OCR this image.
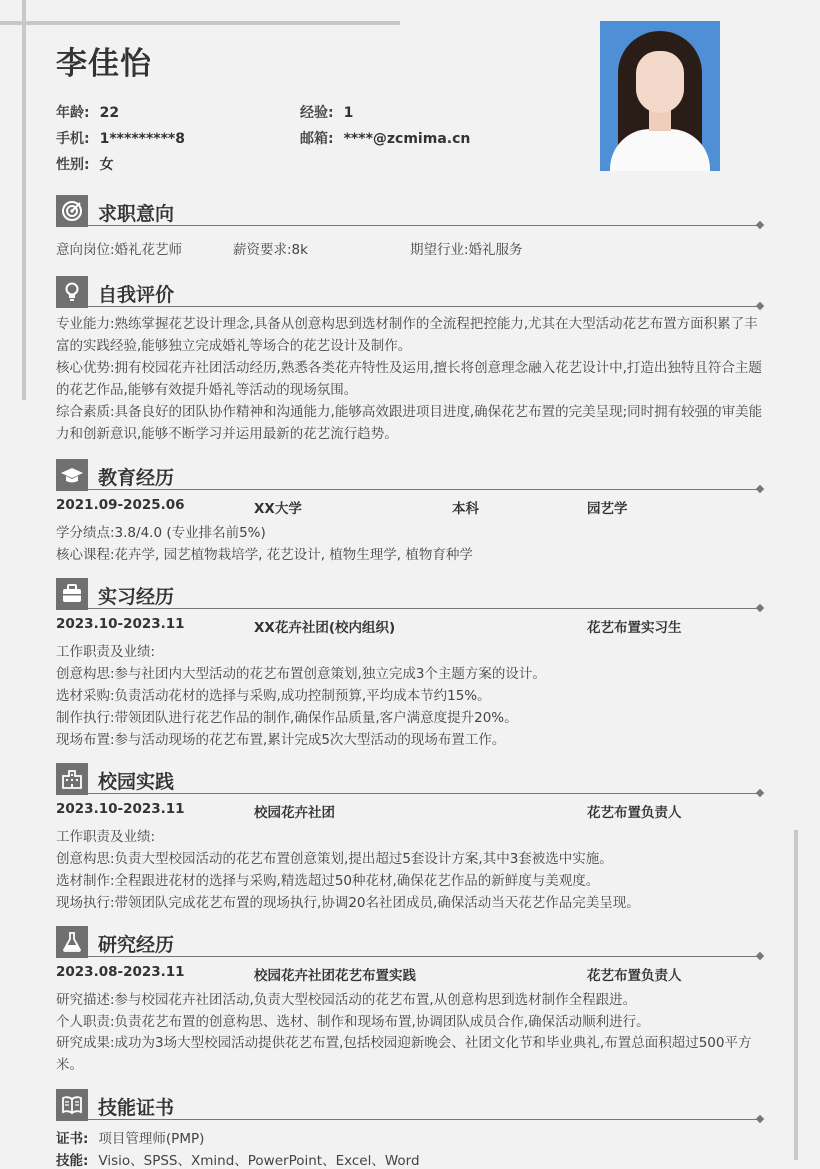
李佳怡
年龄: 22	经验: 1
手机: 1*********8	邮箱: ****@zcmima.cn
性别: 女
求职意向
意向岗位:婚礼花艺师	薪资要求:8k	期望行业:婚礼服务
自我评价
专业能力:熟练掌握花艺设计理念,具备从创意构思到选材制作的全流程把控能力,尤其在大型活动花艺布置方面积累了丰富的实践经验,能够独立完成婚礼等场合的花艺设计及制作。
核心优势:拥有校园花卉社团活动经历,熟悉各类花卉特性及运用,擅长将创意理念融入花艺设计中,打造出独特且符合主题的花艺作品,能够有效提升婚礼等活动的现场氛围。
综合素质:具备良好的团队协作精神和沟通能力,能够高效跟进项目进度,确保花艺布置的完美呈现;同时拥有较强的审美能力和创新意识,能够不断学习并运用最新的花艺流行趋势。
教育经历
2021.09-2025.06	XX大学	本科	园艺学
学分绩点:3.8/4.0 (专业排名前5%)
核心课程:花卉学, 园艺植物栽培学, 花艺设计, 植物生理学, 植物育种学
实习经历
2023.10-2023.11	XX花卉社团(校内组织)	花艺布置实习生
工作职责及业绩:
创意构思:参与社团内大型活动的花艺布置创意策划,独立完成3个主题方案的设计。
选材采购:负责活动花材的选择与采购,成功控制预算,平均成本节约15%。
制作执行:带领团队进行花艺作品的制作,确保作品质量,客户满意度提升20%。
现场布置:参与活动现场的花艺布置,累计完成5次大型活动的现场布置工作。
校园实践
2023.10-2023.11	校园花卉社团	花艺布置负责人
工作职责及业绩:
创意构思:负责大型校园活动的花艺布置创意策划,提出超过5套设计方案,其中3套被选中实施。
选材制作:全程跟进花材的选择与采购,精选超过50种花材,确保花艺作品的新鲜度与美观度。
现场执行:带领团队完成花艺布置的现场执行,协调20名社团成员,确保活动当天花艺作品完美呈现。
研究经历
2023.08-2023.11	校园花卉社团花艺布置实践	花艺布置负责人
研究描述:参与校园花卉社团活动,负责大型校园活动的花艺布置,从创意构思到选材制作全程跟进。
个人职责:负责花艺布置的创意构思、选材、制作和现场布置,协调团队成员合作,确保活动顺利进行。
研究成果:成功为3场大型校园活动提供花艺布置,包括校园迎新晚会、社团文化节和毕业典礼,布置总面积超过500平方米。
技能证书
证书: 项目管理师(PMP)
技能: Visio、SPSS、Xmind、PowerPoint、Excel、Word
